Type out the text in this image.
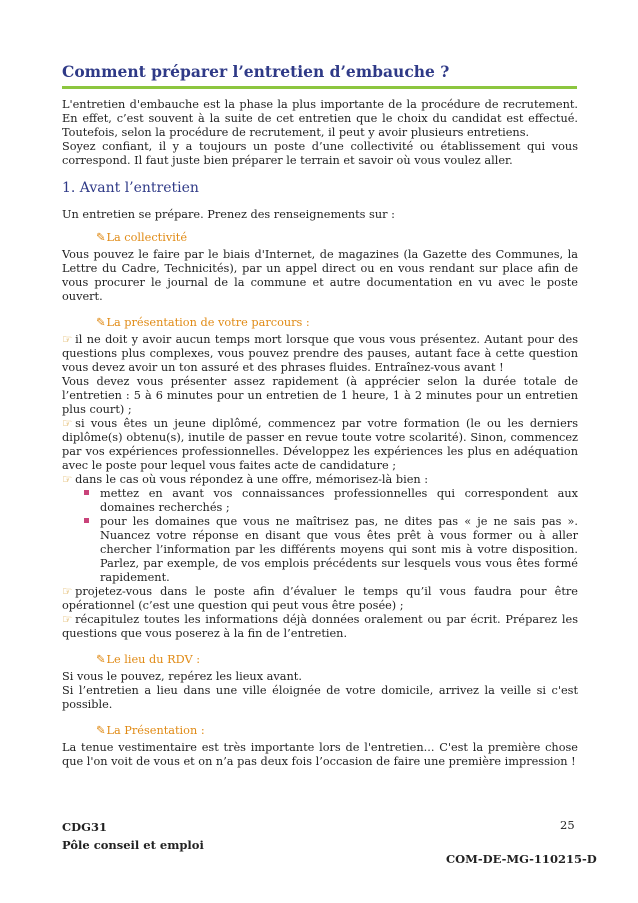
Comment préparer l’entretien d’embauche ?

L'entretien d'embauche est la phase la plus importante de la procédure de recrutement. En effet, c’est souvent à la suite de cet entretien que le choix du candidat est effectué. Toutefois, selon la procédure de recrutement, il peut y avoir plusieurs entretiens.

Soyez confiant, il y a toujours un poste d’une collectivité ou établissement qui vous correspond. Il faut juste bien préparer le terrain et savoir où vous voulez aller.

1. Avant l’entretien

Un entretien se prépare. Prenez des renseignements sur :

✎La collectivité

Vous pouvez le faire par le biais d'Internet, de magazines (la Gazette des Communes, la Lettre du Cadre, Technicités), par un appel direct ou en vous rendant sur place afin de vous procurer le journal de la commune et autre documentation en vu avec le poste ouvert.

✎La présentation de votre parcours :

☞ il ne doit y avoir aucun temps mort lorsque que vous vous présentez. Autant pour des questions plus complexes, vous pouvez prendre des pauses, autant face à cette question vous devez avoir un ton assuré et des phrases fluides. Entraînez-vous avant !

Vous devez vous présenter assez rapidement (à apprécier selon la durée totale de l’entretien : 5 à 6 minutes pour un entretien de 1 heure, 1 à 2 minutes pour un entretien plus court) ;

☞ si vous êtes un jeune diplômé, commencez par votre formation (le ou les derniers diplôme(s) obtenu(s), inutile de passer en revue toute votre scolarité). Sinon, commencez par vos expériences professionnelles. Développez les expériences les plus en adéquation avec le poste pour lequel vous faites acte de candidature ;

☞ dans le cas où vous répondez à une offre, mémorisez-là bien :

mettez en avant vos connaissances professionnelles qui correspondent aux domaines recherchés ;
pour les domaines que vous ne maîtrisez pas, ne dites pas « je ne sais pas ». Nuancez votre réponse en disant que vous êtes prêt à vous former ou à aller chercher l’information par les différents moyens qui sont mis à votre disposition. Parlez, par exemple, de vos emplois précédents sur lesquels vous vous êtes formé rapidement.

☞ projetez-vous dans le poste afin d’évaluer le temps qu’il vous faudra pour être opérationnel (c’est une question qui peut vous être posée) ;

☞ récapitulez toutes les informations déjà données oralement ou par écrit. Préparez les questions que vous poserez à la fin de l’entretien.

✎Le lieu du RDV :

Si vous le pouvez, repérez les lieux avant.

Si l’entretien a lieu dans une ville éloignée de votre domicile, arrivez la veille si c'est possible.

✎La Présentation :

La tenue vestimentaire est très importante lors de l'entretien... C'est la première chose que l'on voit de vous et on n’a pas deux fois l’occasion de faire une première impression !

CDG31
Pôle conseil et emploi
25
COM-DE-MG-110215-D
